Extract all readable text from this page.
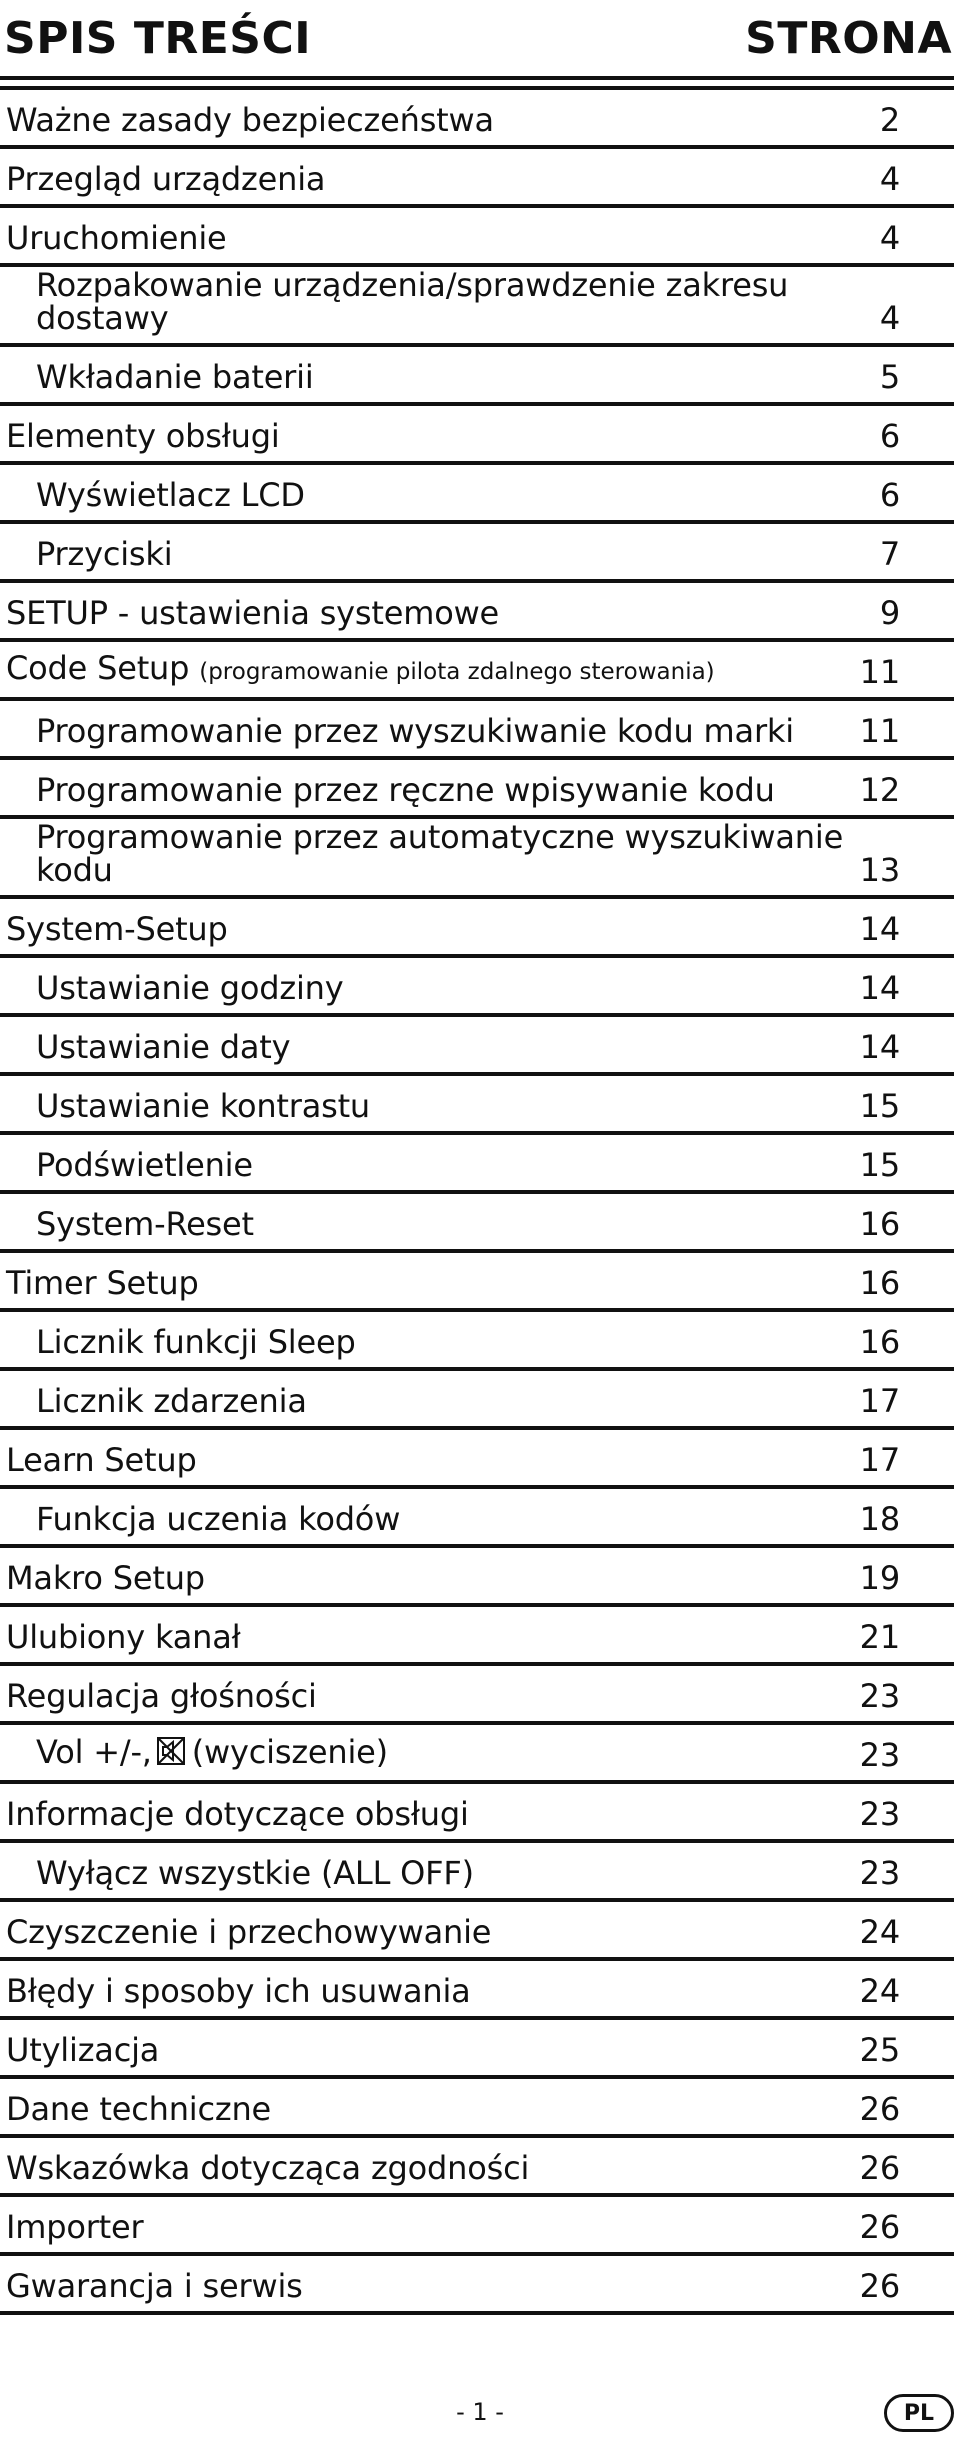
SPIS TREŚCI	STRONA
Ważne zasady bezpieczeństwa	2
Przegląd urządzenia	4
Uruchomienie	4
Rozpakowanie urządzenia/sprawdzenie zakresu dostawy	4
Wkładanie baterii	5
Elementy obsługi	6
Wyświetlacz LCD	6
Przyciski	7
SETUP - ustawienia systemowe	9
Code Setup (programowanie pilota zdalnego sterowania)	11
Programowanie przez wyszukiwanie kodu marki	11
Programowanie przez ręczne wpisywanie kodu	12
Programowanie przez automatyczne wyszukiwanie kodu	13
System-Setup	14
Ustawianie godziny	14
Ustawianie daty	14
Ustawianie kontrastu	15
Podświetlenie	15
System-Reset	16
Timer Setup	16
Licznik funkcji Sleep	16
Licznik zdarzenia	17
Learn Setup	17
Funkcja uczenia kodów	18
Makro Setup	19
Ulubiony kanał	21
Regulacja głośności	23
Vol +/-, (wyciszenie)	23
Informacje dotyczące obsługi	23
Wyłącz wszystkie (ALL OFF)	23
Czyszczenie i przechowywanie	24
Błędy i sposoby ich usuwania	24
Utylizacja	25
Dane techniczne	26
Wskazówka dotycząca zgodności	26
Importer	26
Gwarancja i serwis	26
- 1 -	PL
